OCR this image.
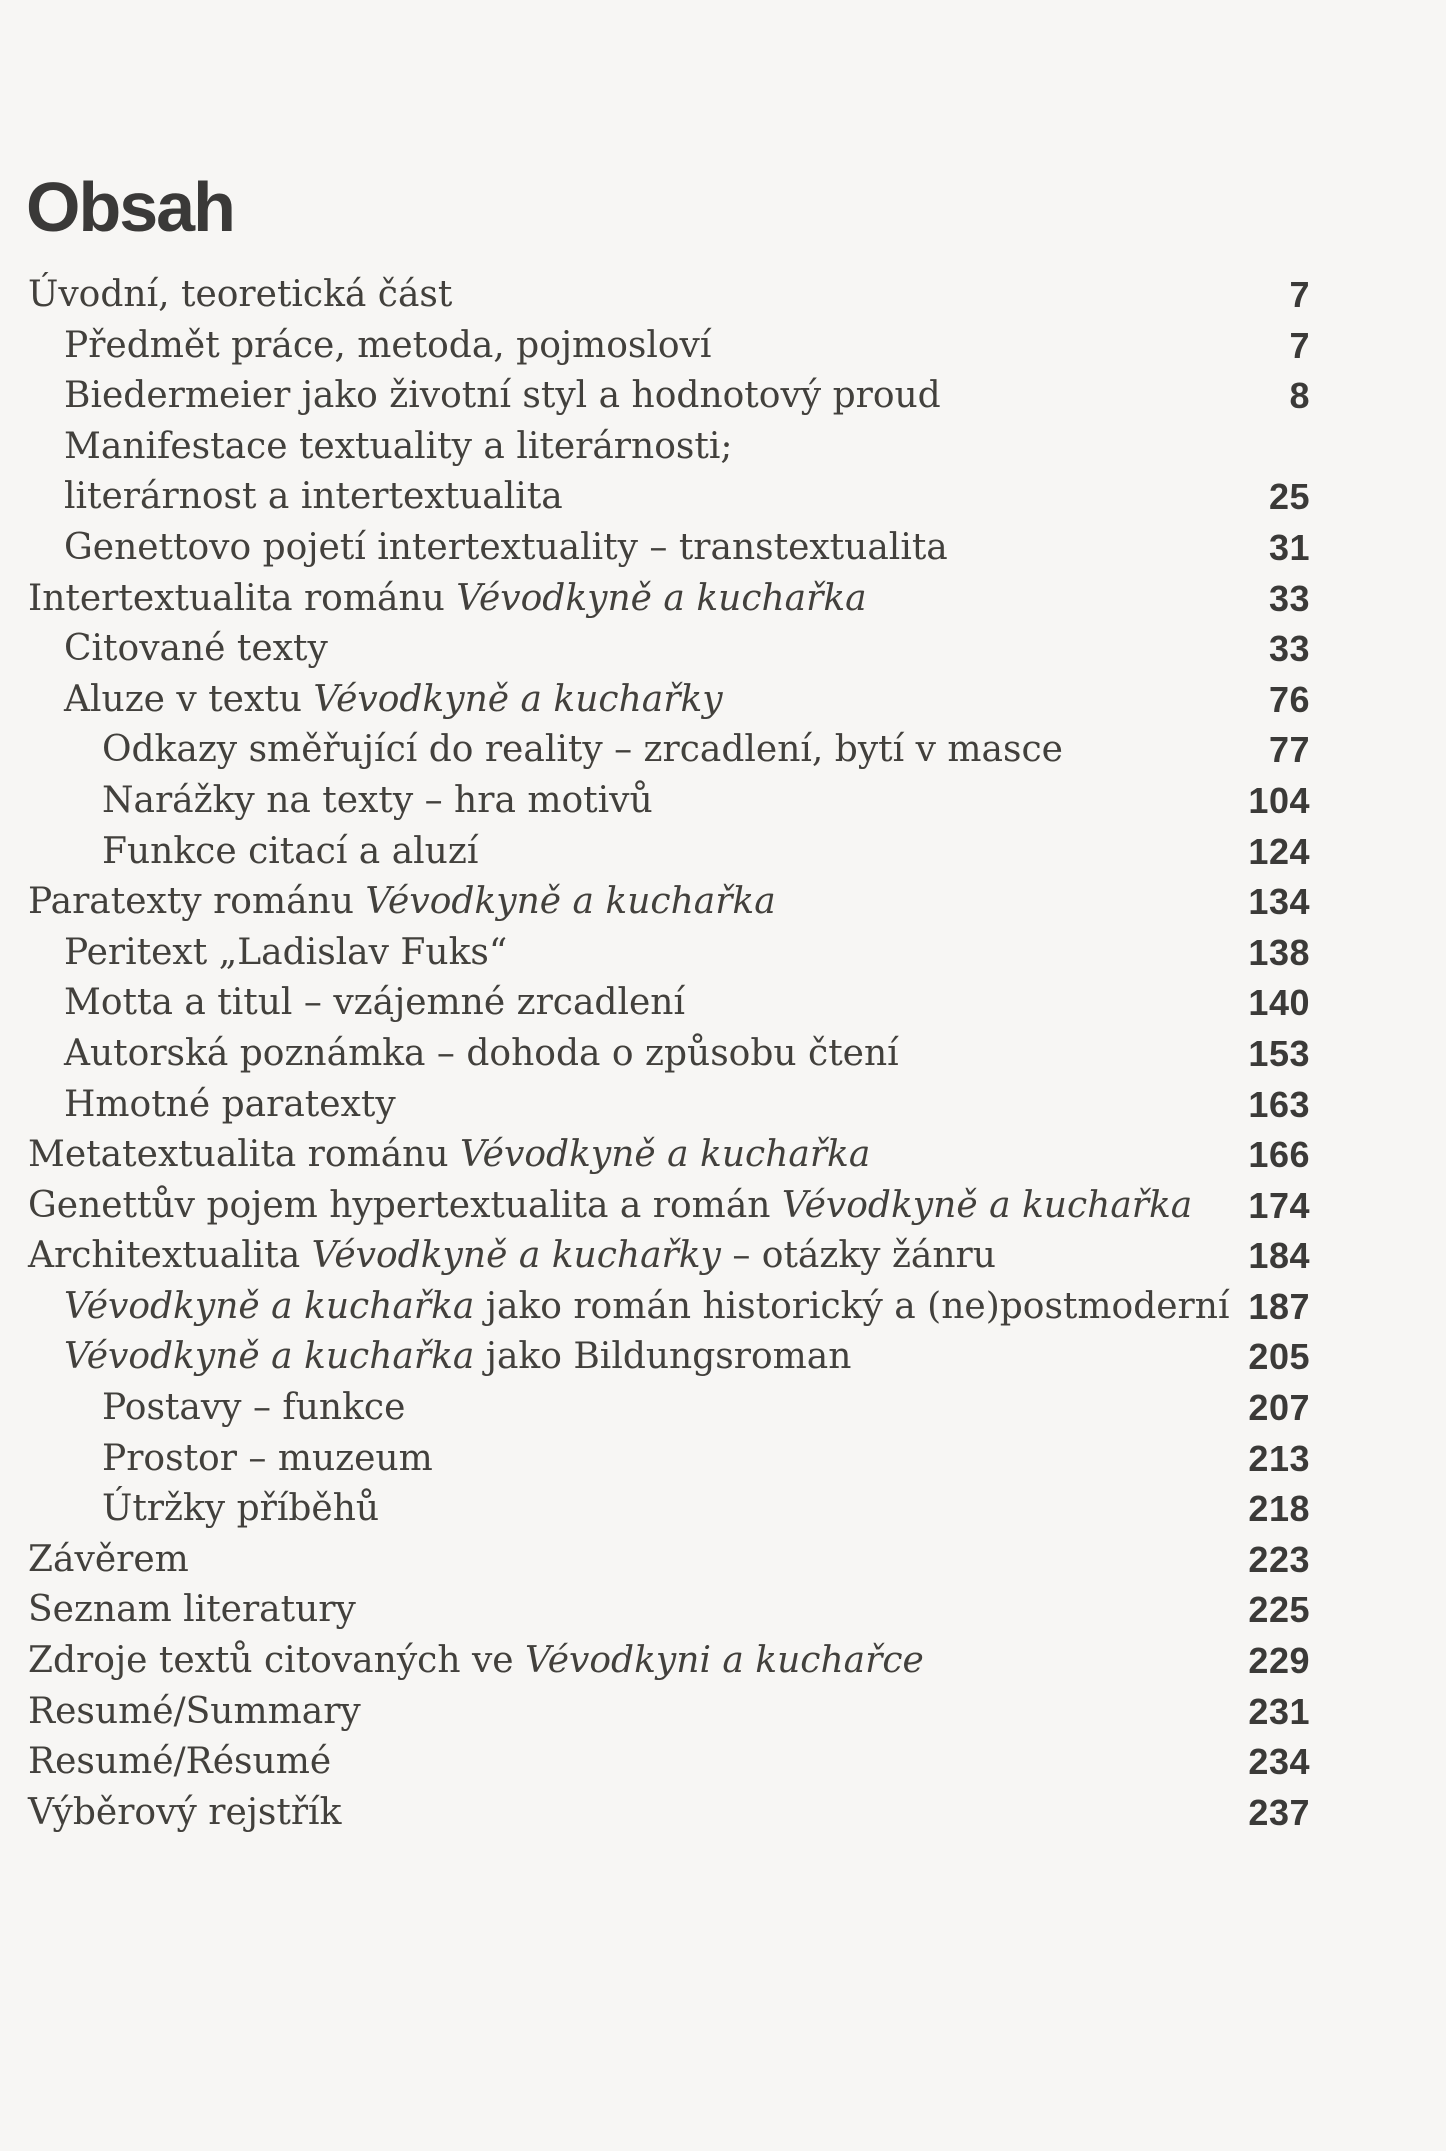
Obsah
Úvodní, teoretická část	7
Předmět práce, metoda, pojmosloví	7
Biedermeier jako životní styl a hodnotový proud	8
Manifestace textuality a literárnosti;
literárnost a intertextualita	25
Genettovo pojetí intertextuality – transtextualita	31
Intertextualita románu Vévodkyně a kuchařka	33
Citované texty	33
Aluze v textu Vévodkyně a kuchařky	76
Odkazy směřující do reality – zrcadlení, bytí v masce	77
Narážky na texty – hra motivů	104
Funkce citací a aluzí	124
Paratexty románu Vévodkyně a kuchařka	134
Peritext „Ladislav Fuks“	138
Motta a titul – vzájemné zrcadlení	140
Autorská poznámka – dohoda o způsobu čtení	153
Hmotné paratexty	163
Metatextualita románu Vévodkyně a kuchařka	166
Genettův pojem hypertextualita a román Vévodkyně a kuchařka 174
Architextualita Vévodkyně a kuchařky – otázky žánru	184
Vévodkyně a kuchařka jako román historický a (ne)postmoderní 187
Vévodkyně a kuchařka jako Bildungsroman	205
Postavy – funkce	207
Prostor – muzeum	213
Útržky příběhů	218
Závěrem	223
Seznam literatury	225
Zdroje textů citovaných ve Vévodkyni a kuchařce	229
Resumé/Summary	231
Resumé/Résumé	234
Výběrový rejstřík	237
